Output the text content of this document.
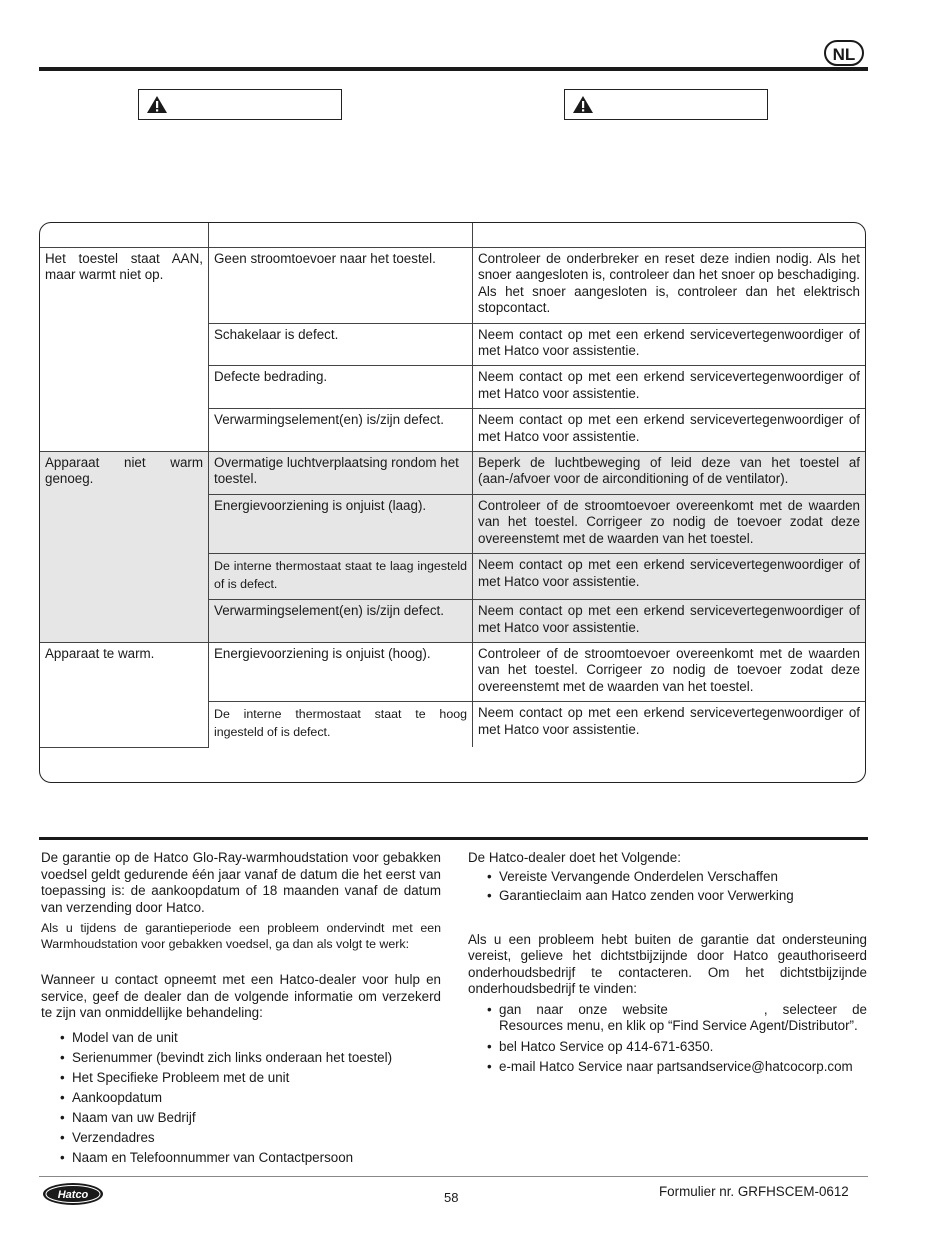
NL

Het toestel staat AAN, maar warmt niet op.	Geen stroomtoevoer naar het toestel.	Controleer de onderbreker en reset deze indien nodig. Als het snoer aangesloten is, controleer dan het snoer op beschadiging. Als het snoer aangesloten is, controleer dan het elektrisch stopcontact.
	Schakelaar is defect.	Neem contact op met een erkend servicevertegenwoordiger of met Hatco voor assistentie.
	Defecte bedrading.	Neem contact op met een erkend servicevertegenwoordiger of met Hatco voor assistentie.
	Verwarmingselement(en) is/zijn defect.	Neem contact op met een erkend servicevertegenwoordiger of met Hatco voor assistentie.
Apparaat niet warm genoeg.	Overmatige luchtverplaatsing rondom het toestel.	Beperk de luchtbeweging of leid deze van het toestel af (aan-/afvoer voor de airconditioning of de ventilator).
	Energievoorziening is onjuist (laag).	Controleer of de stroomtoevoer overeenkomt met de waarden van het toestel. Corrigeer zo nodig de toevoer zodat deze overeenstemt met de waarden van het toestel.
	De interne thermostaat staat te laag ingesteld of is defect.	Neem contact op met een erkend servicevertegenwoordiger of met Hatco voor assistentie.
	Verwarmingselement(en) is/zijn defect.	Neem contact op met een erkend servicevertegenwoordiger of met Hatco voor assistentie.
Apparaat te warm.	Energievoorziening is onjuist (hoog).	Controleer of de stroomtoevoer overeenkomt met de waarden van het toestel. Corrigeer zo nodig de toevoer zodat deze overeenstemt met de waarden van het toestel.
	De interne thermostaat staat te hoog ingesteld of is defect.	Neem contact op met een erkend servicevertegenwoordiger of met Hatco voor assistentie.

De garantie op de Hatco Glo-Ray-warmhoudstation voor gebakken voedsel geldt gedurende één jaar vanaf de datum die het eerst van toepassing is: de aankoopdatum of 18 maanden vanaf de datum van verzending door Hatco.

Als u tijdens de garantieperiode een probleem ondervindt met een Warmhoudstation voor gebakken voedsel, ga dan als volgt te werk:

Wanneer u contact opneemt met een Hatco-dealer voor hulp en service, geef de dealer dan de volgende informatie om verzekerd te zijn van onmiddellijke behandeling:

• Model van de unit
• Serienummer (bevindt zich links onderaan het toestel)
• Het Specifieke Probleem met de unit
• Aankoopdatum
• Naam van uw Bedrijf
• Verzendadres
• Naam en Telefoonnummer van Contactpersoon

De Hatco-dealer doet het Volgende:

• Vereiste Vervangende Onderdelen Verschaffen
• Garantieclaim aan Hatco zenden voor Verwerking

Als u een probleem hebt buiten de garantie dat ondersteuning vereist, gelieve het dichtstbijzijnde door Hatco geauthoriseerd onderhoudsbedrijf te contacteren. Om het dichtstbijzijnde onderhoudsbedrijf te vinden:

• gan naar onze website	, selecteer de Resources menu, en klik op “Find Service Agent/Distributor”.
• bel Hatco Service op 414-671-6350.
• e-mail Hatco Service naar partsandservice@hatcocorp.com
Hatco	58	Formulier nr. GRFHSCEM-0612
